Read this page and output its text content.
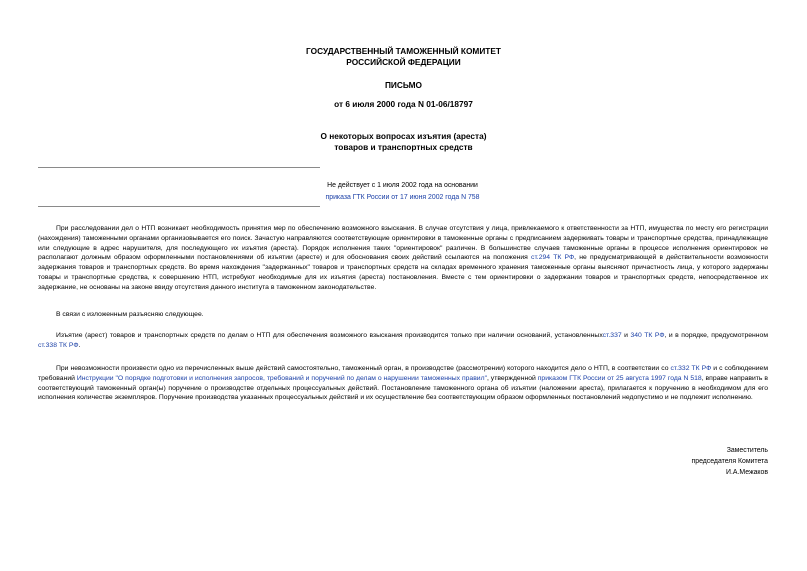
ГОСУДАРСТВЕННЫЙ ТАМОЖЕННЫЙ КОМИТЕТ
РОССИЙСКОЙ ФЕДЕРАЦИИ
ПИСЬМО
от 6 июля 2000 года N 01-06/18797
О некоторых вопросах изъятия (ареста)
товаров и транспортных средств
Не действует с 1 июля 2002 года на основании
приказа ГТК России от 17 июня 2002 года N 758

При расследовании дел о НТП возникает необходимость принятия мер по обеспечению возможного взыскания. В случае отсутствия у лица, привлекаемого к ответственности за НТП, имущества по месту его регистрации (нахождения) таможенными органами организовывается его поиск. Зачастую направляются соответствующие ориентировки в таможенные органы с предписанием задерживать товары и транспортные средства, принадлежащие или следующие в адрес нарушителя, для последующего их изъятия (ареста). Порядок исполнения таких "ориентировок" различен. В большинстве случаев таможенные органы в процессе исполнения ориентировок не располагают должным образом оформленными постановлениями об изъятии (аресте) и для обоснования своих действий ссылаются на положения ст.294 ТК РФ, не предусматривающей в действительности возможности задержания товаров и транспортных средств. Во время нахождения "задержанных" товаров и транспортных средств на складах временного хранения таможенные органы выясняют причастность лица, у которого задержаны товары и транспортные средства, к совершению НТП, истребуют необходимые для их изъятия (ареста) постановления. Вместе с тем ориентировки о задержании товаров и транспортных средств, непосредственное их задержание, не основаны на законе ввиду отсутствия данного института в таможенном законодательстве.

В связи с изложенным разъясняю следующее.

Изъятие (арест) товаров и транспортных средств по делам о НТП для обеспечения возможного взыскания производится только при наличии оснований, установленныхст.337 и 340 ТК РФ, и в порядке, предусмотренном ст.338 ТК РФ.

При невозможности произвести одно из перечисленных выше действий самостоятельно, таможенный орган, в производстве (рассмотрении) которого находится дело о НТП, в соответствии со ст.332 ТК РФ и с соблюдением требований Инструкции "О порядке подготовки и исполнения запросов, требований и поручений по делам о нарушении таможенных правил", утвержденной приказом ГТК России от 25 августа 1997 года N 518, вправе направить в соответствующий таможенный орган(ы) поручение о производстве отдельных процессуальных действий. Постановление таможенного органа об изъятии (наложении ареста), прилагается к поручению в необходимом для его исполнения количестве экземпляров. Поручение производства указанных процессуальных действий и их осуществление без соответствующим образом оформленных постановлений недопустимо и не подлежит исполнению.

Заместитель
председателя Комитета
И.А.Межаков
